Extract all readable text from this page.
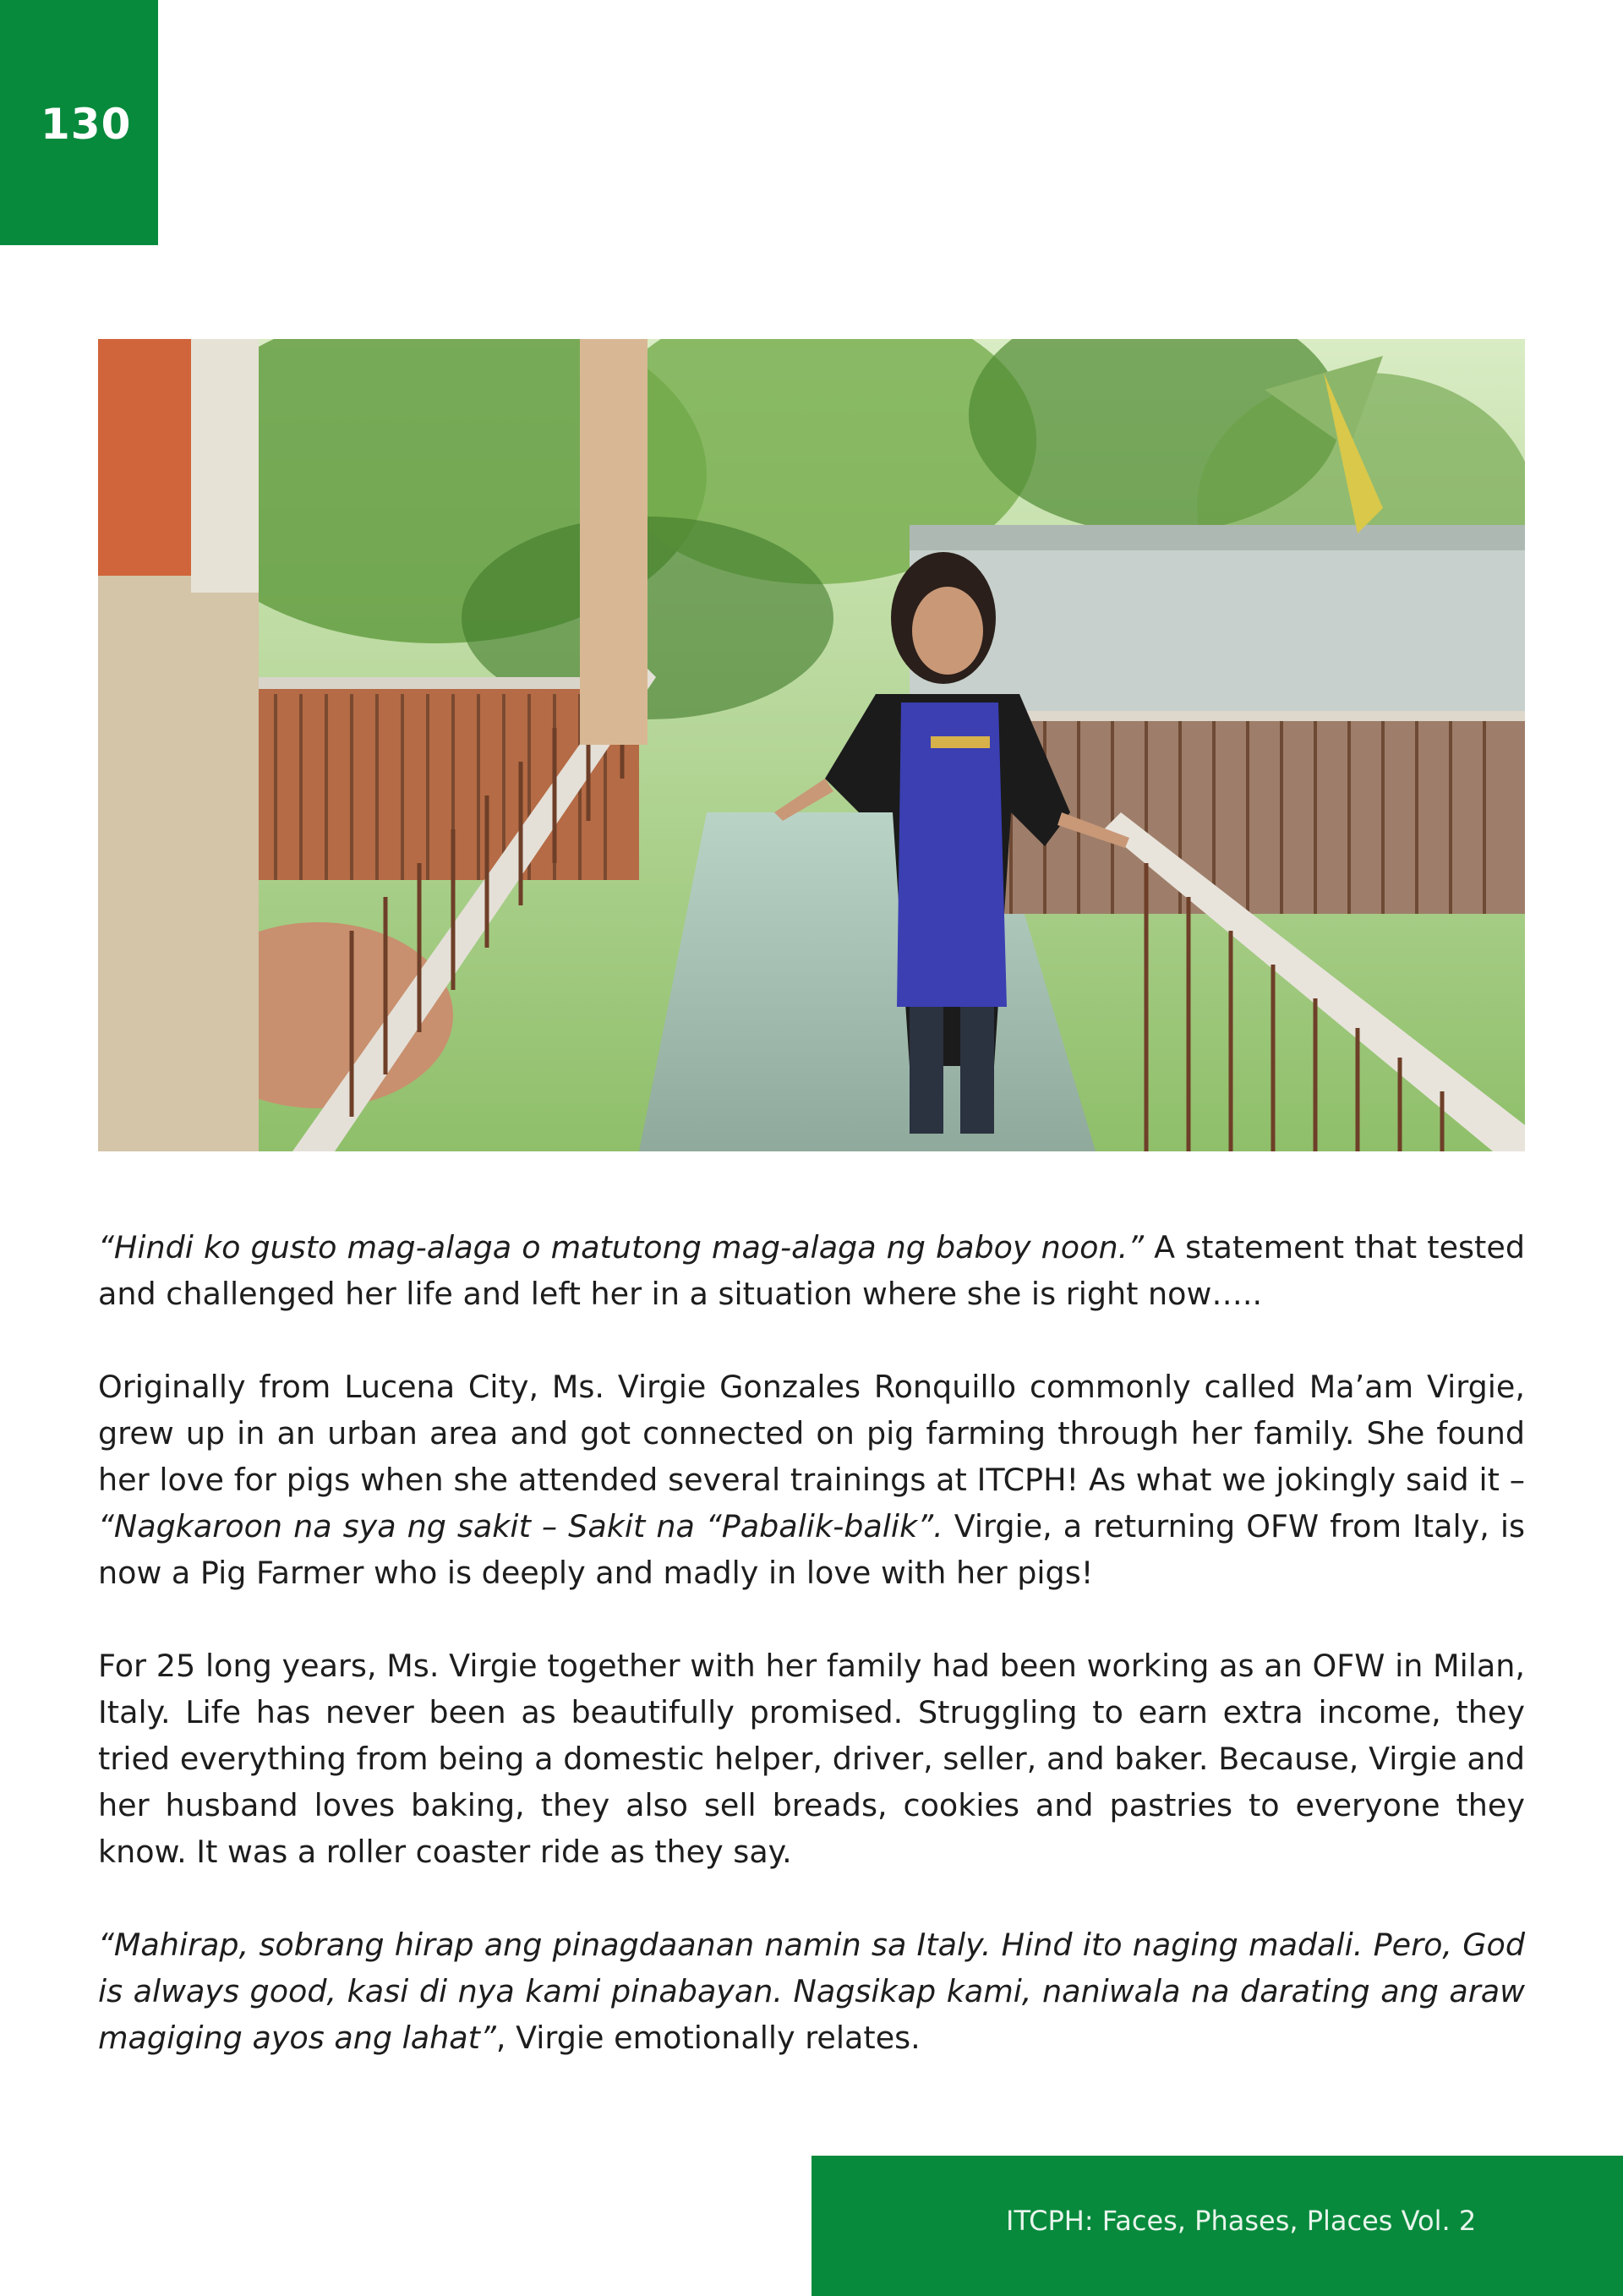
130

“Hindi ko gusto mag-alaga o matutong mag-alaga ng baboy noon.” A statement that tested and challenged her life and left her in a situation where she is right now…..

Originally from Lucena City, Ms. Virgie Gonzales Ronquillo commonly called Ma’am Virgie, grew up in an urban area and got connected on pig farming through her family. She found her love for pigs when she attended several trainings at ITCPH! As what we jokingly said it – “Nagkaroon na sya ng sakit – Sakit na “Pabalik-balik”. Virgie, a returning OFW from Italy, is now a Pig Farmer who is deeply and madly in love with her pigs!

For 25 long years, Ms. Virgie together with her family had been working as an OFW in Milan, Italy. Life has never been as beautifully promised. Struggling to earn extra income, they tried everything from being a domestic helper, driver, seller, and baker. Because, Virgie and her husband loves baking, they also sell breads, cookies and pastries to everyone they know. It was a roller coaster ride as they say.

“Mahirap, sobrang hirap ang pinagdaanan namin sa Italy. Hind ito naging madali. Pero, God is always good, kasi di nya kami pinabayan. Nagsikap kami, naniwala na darating ang araw magiging ayos ang lahat”, Virgie emotionally relates.

ITCPH: Faces, Phases, Places Vol. 2
